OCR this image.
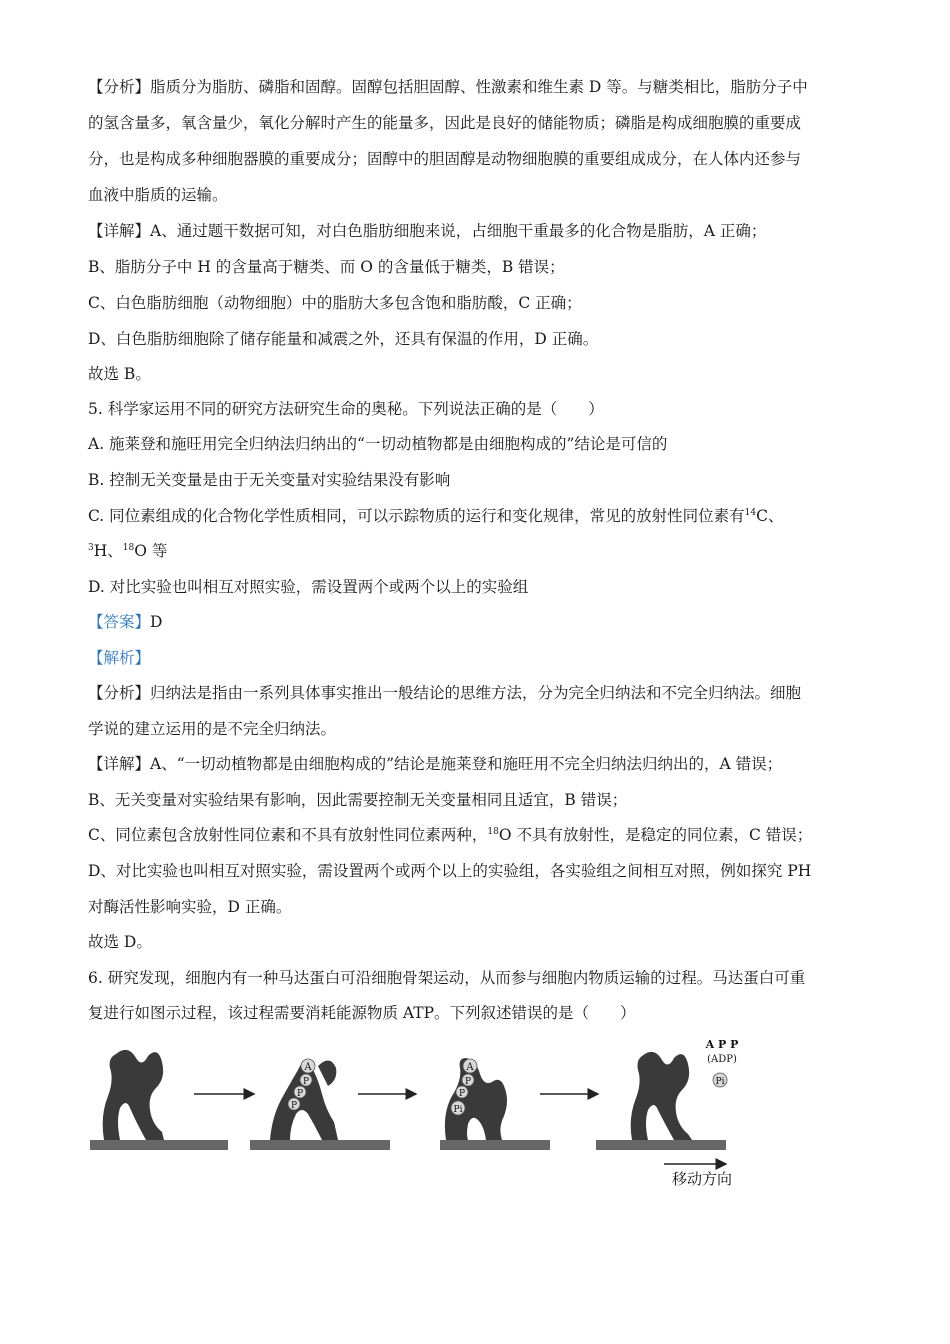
【分析】脂质分为脂肪、磷脂和固醇。固醇包括胆固醇、性激素和维生素 D 等。与糖类相比，脂肪分子中
的氢含量多，氧含量少，氧化分解时产生的能量多，因此是良好的储能物质；磷脂是构成细胞膜的重要成
分，也是构成多种细胞器膜的重要成分；固醇中的胆固醇是动物细胞膜的重要组成成分，在人体内还参与
血液中脂质的运输。
【详解】A、通过题干数据可知，对白色脂肪细胞来说，占细胞干重最多的化合物是脂肪，A 正确；
B、脂肪分子中 H 的含量高于糖类、而 O 的含量低于糖类，B 错误；
C、白色脂肪细胞（动物细胞）中的脂肪大多包含饱和脂肪酸，C 正确；
D、白色脂肪细胞除了储存能量和减震之外，还具有保温的作用，D 正确。
故选 B。
5. 科学家运用不同的研究方法研究生命的奥秘。下列说法正确的是（　　）
A. 施莱登和施旺用完全归纳法归纳出的“一切动植物都是由细胞构成的”结论是可信的
B. 控制无关变量是由于无关变量对实验结果没有影响
C. 同位素组成的化合物化学性质相同，可以示踪物质的运行和变化规律，常见的放射性同位素有$^{14}$C、
$^3$H、$^{18}$O 等
D. 对比实验也叫相互对照实验，需设置两个或两个以上的实验组
【答案】D
【解析】
【分析】归纳法是指由一系列具体事实推出一般结论的思维方法，分为完全归纳法和不完全归纳法。细胞
学说的建立运用的是不完全归纳法。
【详解】A、“一切动植物都是由细胞构成的”结论是施莱登和施旺用不完全归纳法归纳出的，A 错误；
B、无关变量对实验结果有影响，因此需要控制无关变量相同且适宜，B 错误；
C、同位素包含放射性同位素和不具有放射性同位素两种，$^{18}$O 不具有放射性，是稳定的同位素，C 错误；
D、对比实验也叫相互对照实验，需设置两个或两个以上的实验组，各实验组之间相互对照，例如探究 PH
对酶活性影响实验，D 正确。
故选 D。
6. 研究发现，细胞内有一种马达蛋白可沿细胞骨架运动，从而参与细胞内物质运输的过程。马达蛋白可重
复进行如图示过程，该过程需要消耗能源物质 ATP。下列叙述错误的是（　　）
A
P
P
P
A
P
P
Pi
A P P
(ADP)
Pi
移动方向
